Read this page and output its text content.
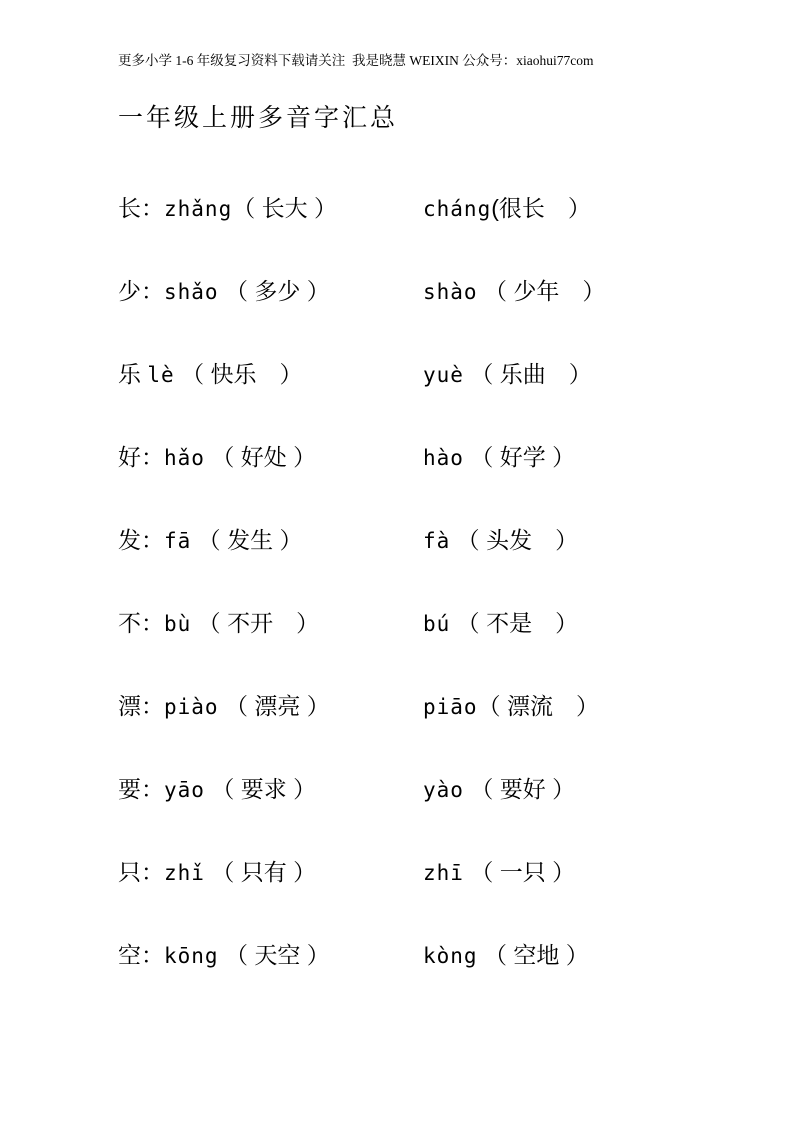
更多小学 1-6 年级复习资料下载请关注  我是晓慧 WEIXIN 公众号：xiaohui77com
一年级上册多音字汇总
长：zhǎng（ 长大 ）	cháng(很长　）
少：shǎo （ 多少 ）	shào （ 少年　）
乐 lè （ 快乐　）	yuè （ 乐曲　）
好：hǎo （ 好处 ）	hào （ 好学 ）
发：fā （ 发生 ）	fà （ 头发　）
不：bù （ 不开　）	bú （ 不是　）
漂：piào （ 漂亮 ）	piāo（ 漂流　）
要：yāo （ 要求 ）	yào （ 要好 ）
只：zhǐ （ 只有 ）	zhī （ 一只 ）
空：kōng （ 天空 ）	kòng （ 空地 ）
